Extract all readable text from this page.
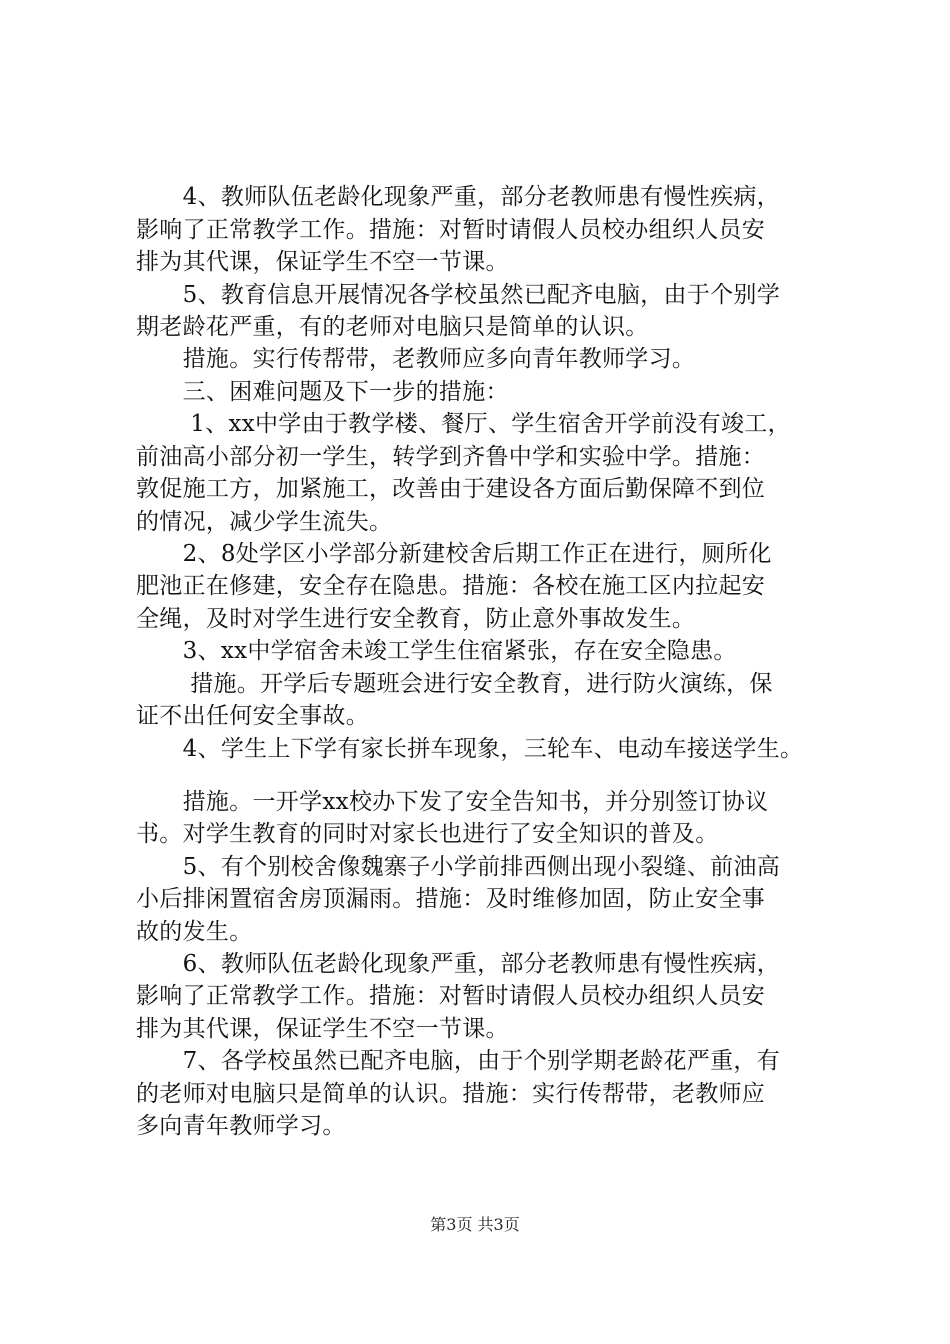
　　4、教师队伍老龄化现象严重，部分老教师患有慢性疾病，
影响了正常教学工作。措施：对暂时请假人员校办组织人员安
排为其代课，保证学生不空一节课。
　　5、教育信息开展情况各学校虽然已配齐电脑，由于个别学
期老龄花严重，有的老师对电脑只是简单的认识。
　　措施。实行传帮带，老教师应多向青年教师学习。
　　三、困难问题及下一步的措施：
　　 1、xx中学由于教学楼、餐厅、学生宿舍开学前没有竣工，
前油高小部分初一学生，转学到齐鲁中学和实验中学。措施：
敦促施工方，加紧施工，改善由于建设各方面后勤保障不到位
的情况，减少学生流失。
　　2、8处学区小学部分新建校舍后期工作正在进行，厕所化
肥池正在修建，安全存在隐患。措施：各校在施工区内拉起安
全绳，及时对学生进行安全教育，防止意外事故发生。
　　3、xx中学宿舍未竣工学生住宿紧张，存在安全隐患。
　　 措施。开学后专题班会进行安全教育，进行防火演练，保
证不出任何安全事故。
　　4、学生上下学有家长拼车现象，三轮车、电动车接送学生。
　　措施。一开学xx校办下发了安全告知书，并分别签订协议
书。对学生教育的同时对家长也进行了安全知识的普及。
　　5、有个别校舍像魏寨子小学前排西侧出现小裂缝、前油高
小后排闲置宿舍房顶漏雨。措施：及时维修加固，防止安全事
故的发生。
　　6、教师队伍老龄化现象严重，部分老教师患有慢性疾病，
影响了正常教学工作。措施：对暂时请假人员校办组织人员安
排为其代课，保证学生不空一节课。
　　7、各学校虽然已配齐电脑，由于个别学期老龄花严重，有
的老师对电脑只是简单的认识。措施：实行传帮带，老教师应
多向青年教师学习。
第3页 共3页
